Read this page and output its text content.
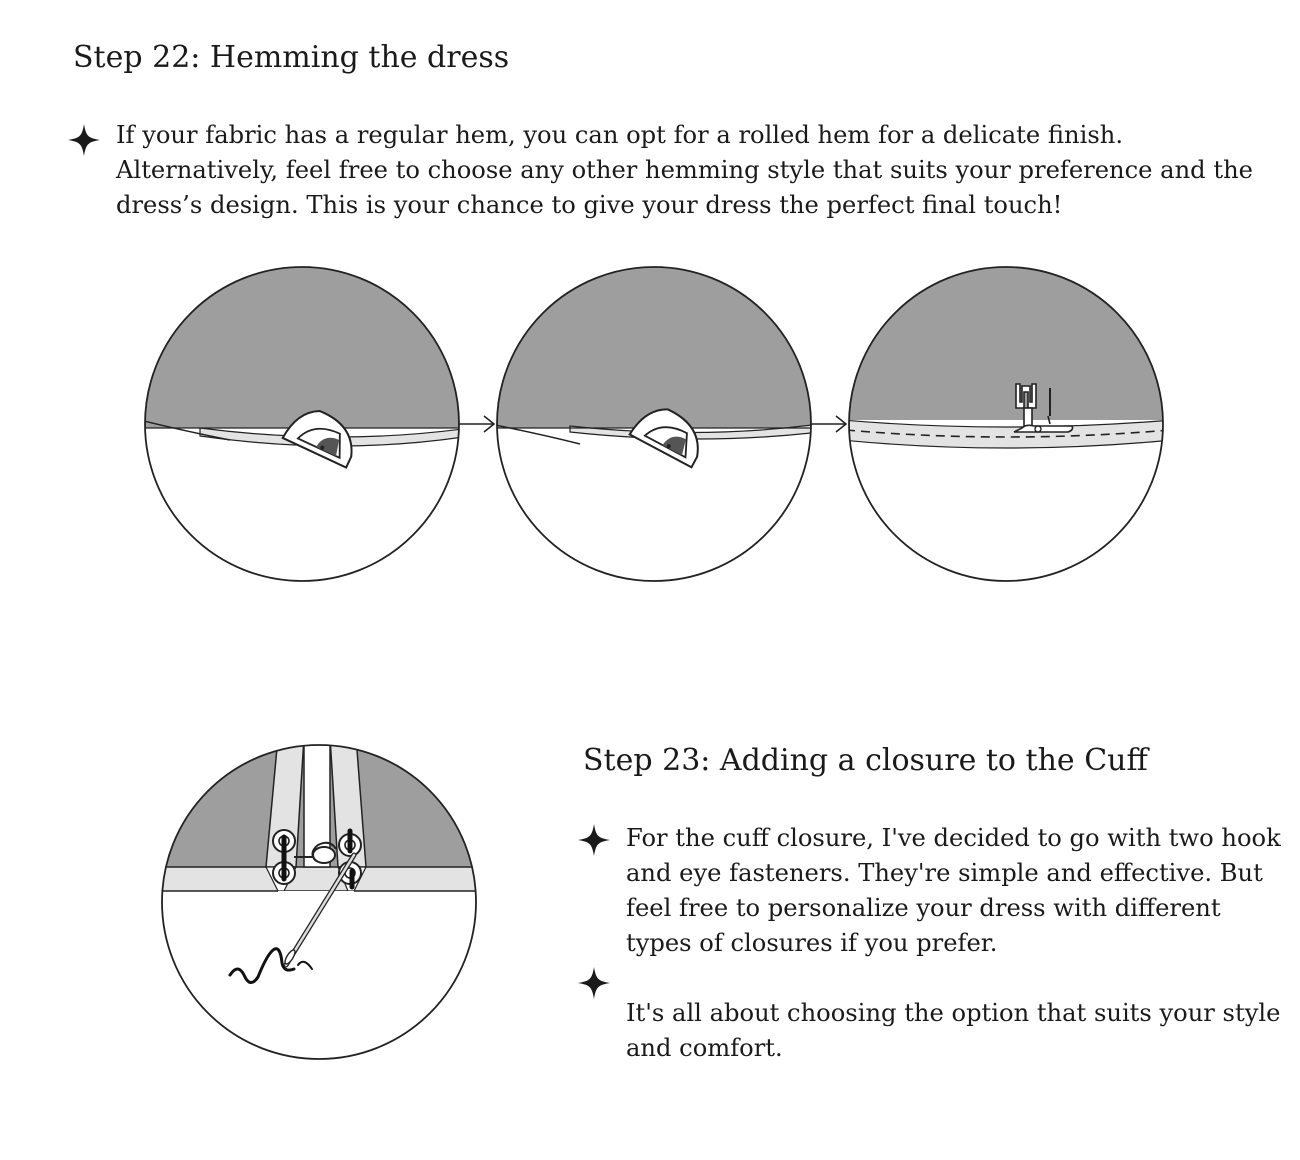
Step 22: Hemming the dress

If your fabric has a regular hem, you can opt for a rolled hem for a delicate finish. Alternatively, feel free to choose any other hemming style that suits your preference and the dress’s design. This is your chance to give your dress the perfect final touch!

Step 23: Adding a closure to the Cuff

For the cuff closure, I've decided to go with two hook and eye fasteners. They're simple and effective. But feel free to personalize your dress with different types of closures if you prefer.

It's all about choosing the option that suits your style and comfort.
